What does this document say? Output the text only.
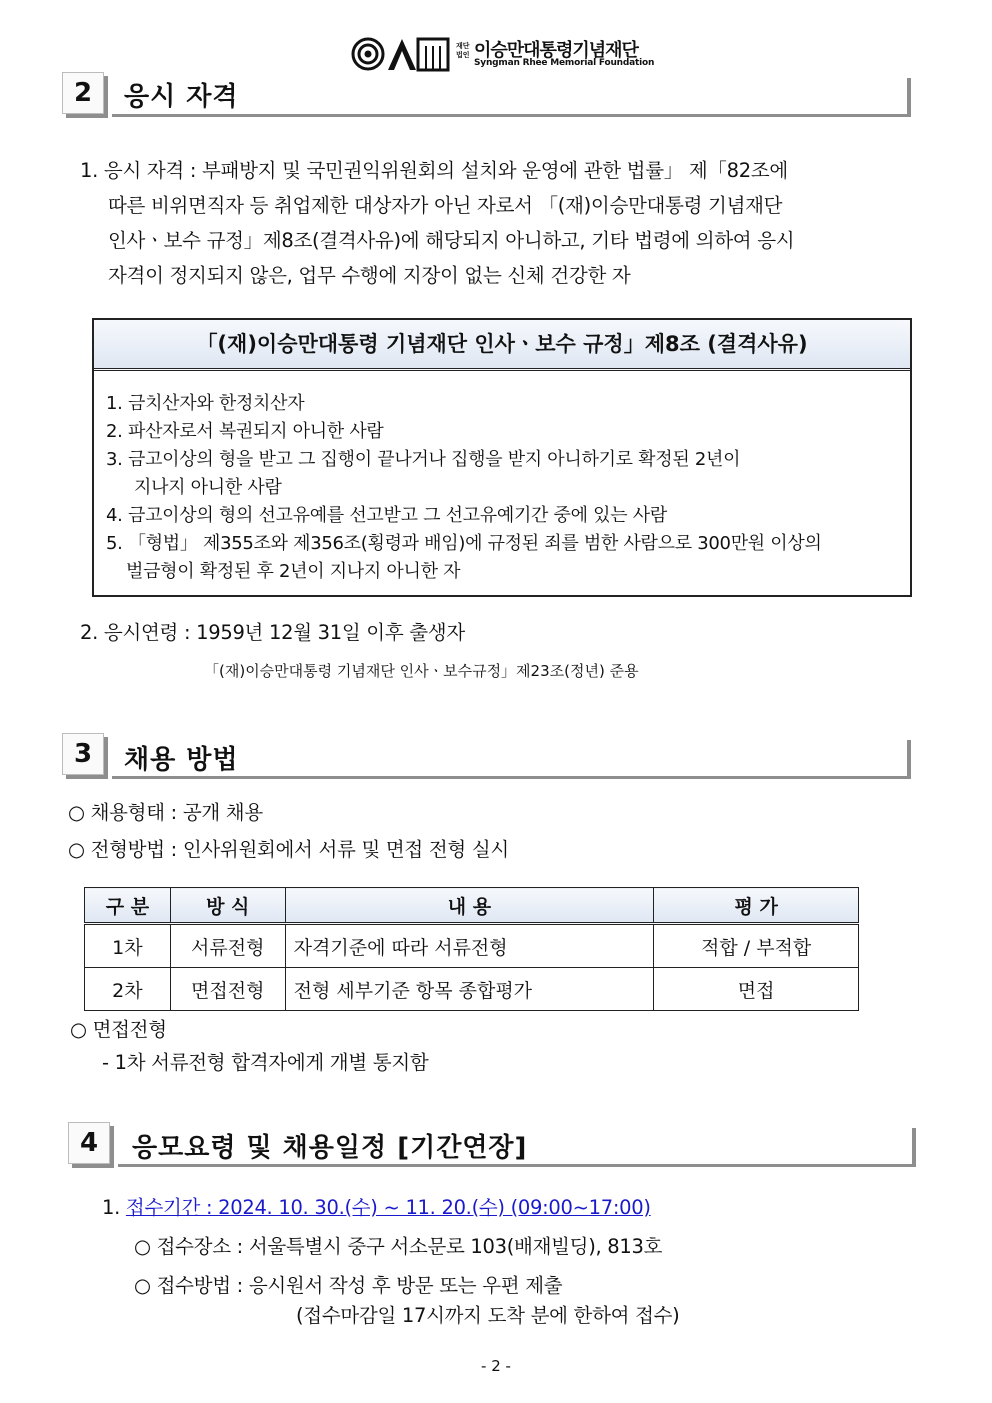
재단법인 이승만대통령기념재단
Syngman Rhee Memorial Foundation
2	응시 자격
1. 응시 자격 : 부패방지 및 국민권익위원회의 설치와 운영에 관한 법률」 제「82조에
따른 비위면직자 등 취업제한 대상자가 아닌 자로서 「(재)이승만대통령 기념재단
인사ㆍ보수 규정」제8조(결격사유)에 해당되지 아니하고, 기타 법령에 의하여 응시
자격이 정지되지 않은, 업무 수행에 지장이 없는 신체 건강한 자
「(재)이승만대통령 기념재단 인사ㆍ보수 규정」제8조 (결격사유)
1. 금치산자와 한정치산자
2. 파산자로서 복권되지 아니한 사람
3. 금고이상의 형을 받고 그 집행이 끝나거나 집행을 받지 아니하기로 확정된 2년이
지나지 아니한 사람
4. 금고이상의 형의 선고유예를 선고받고 그 선고유예기간 중에 있는 사람
5. 「형법」 제355조와 제356조(횡령과 배임)에 규정된 죄를 범한 사람으로 300만원 이상의
벌금형이 확정된 후 2년이 지나지 아니한 자
2. 응시연령 : 1959년 12월 31일 이후 출생자
「(재)이승만대통령 기념재단 인사ㆍ보수규정」제23조(정년) 준용
3	채용 방법
○ 채용형태 : 공개 채용
○ 전형방법 : 인사위원회에서 서류 및 면접 전형 실시
구 분	방 식	내 용	평 가
1차	서류전형	자격기준에 따라 서류전형	적합 / 부적합
2차	면접전형	전형 세부기준 항목 종합평가	면접
○ 면접전형
- 1차 서류전형 합격자에게 개별 통지함
4	응모요령 및 채용일정 [기간연장]
1. 접수기간 : 2024. 10. 30.(수) ~ 11. 20.(수) (09:00~17:00)
○ 접수장소 : 서울특별시 중구 서소문로 103(배재빌딩), 813호
○ 접수방법 : 응시원서 작성 후 방문 또는 우편 제출
(접수마감일 17시까지 도착 분에 한하여 접수)
- 2 -
